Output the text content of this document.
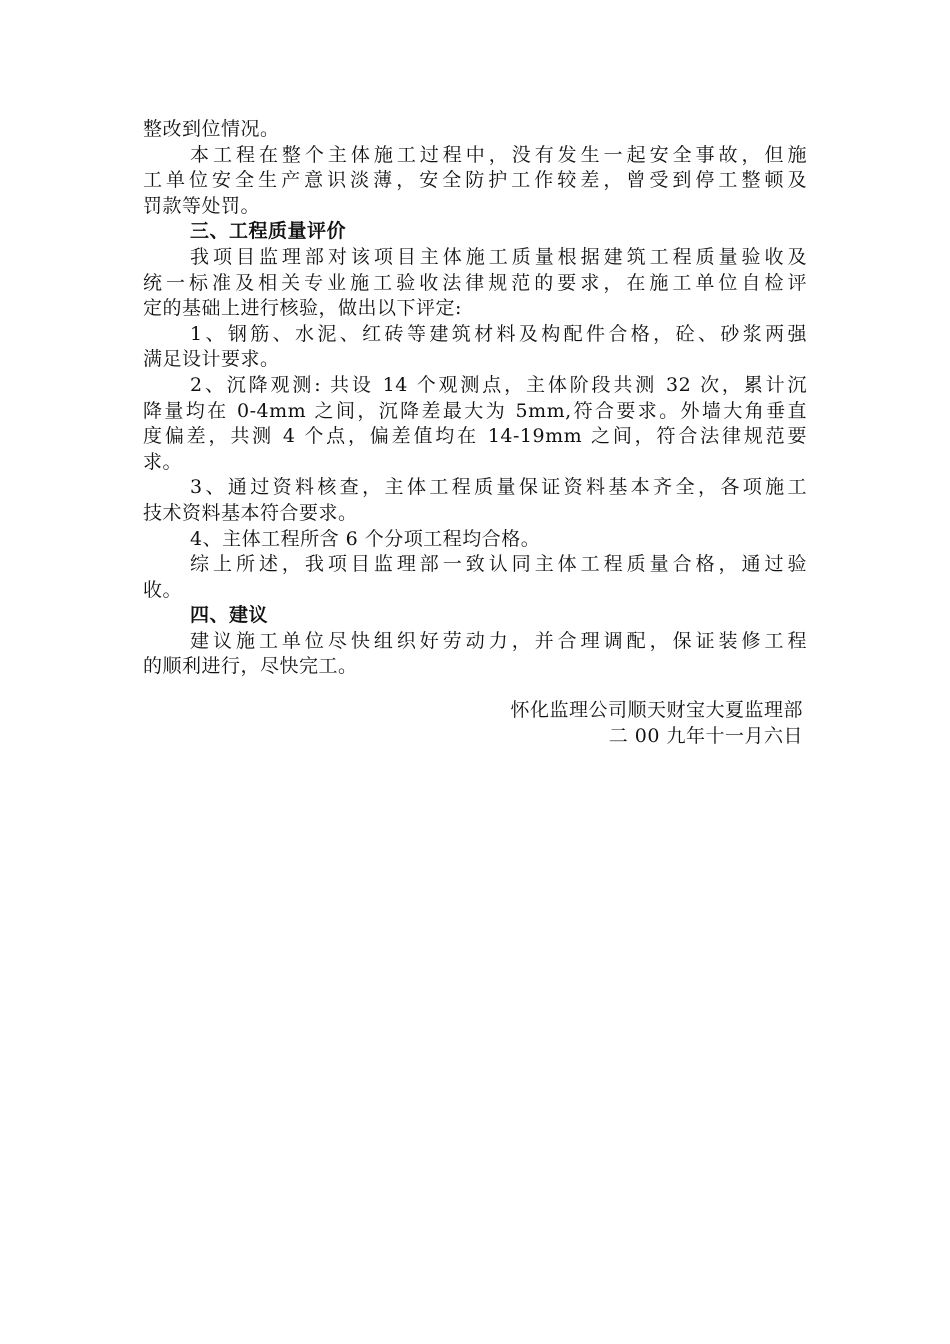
整改到位情况。
本工程在整个主体施工过程中，没有发生一起安全事故，但施
工单位安全生产意识淡薄，安全防护工作较差，曾受到停工整顿及
罚款等处罚。
三、工程质量评价
我项目监理部对该项目主体施工质量根据建筑工程质量验收及
统一标准及相关专业施工验收法律规范的要求，在施工单位自检评
定的基础上进行核验，做出以下评定:
1、钢筋、水泥、红砖等建筑材料及构配件合格，砼、砂浆两强
满足设计要求。
2、沉降观测: 共设 14 个观测点，主体阶段共测 32 次，累计沉
降量均在 0-4mm 之间，沉降差最大为 5mm,符合要求。外墙大角垂直
度偏差，共测 4 个点，偏差值均在 14-19mm 之间，符合法律规范要
求。
3、通过资料核查，主体工程质量保证资料基本齐全，各项施工
技术资料基本符合要求。
4、主体工程所含 6 个分项工程均合格。
综上所述，我项目监理部一致认同主体工程质量合格，通过验
收。
四、建议
建议施工单位尽快组织好劳动力，并合理调配，保证装修工程
的顺利进行，尽快完工。
怀化监理公司顺天财宝大夏监理部
二 00 九年十一月六日
